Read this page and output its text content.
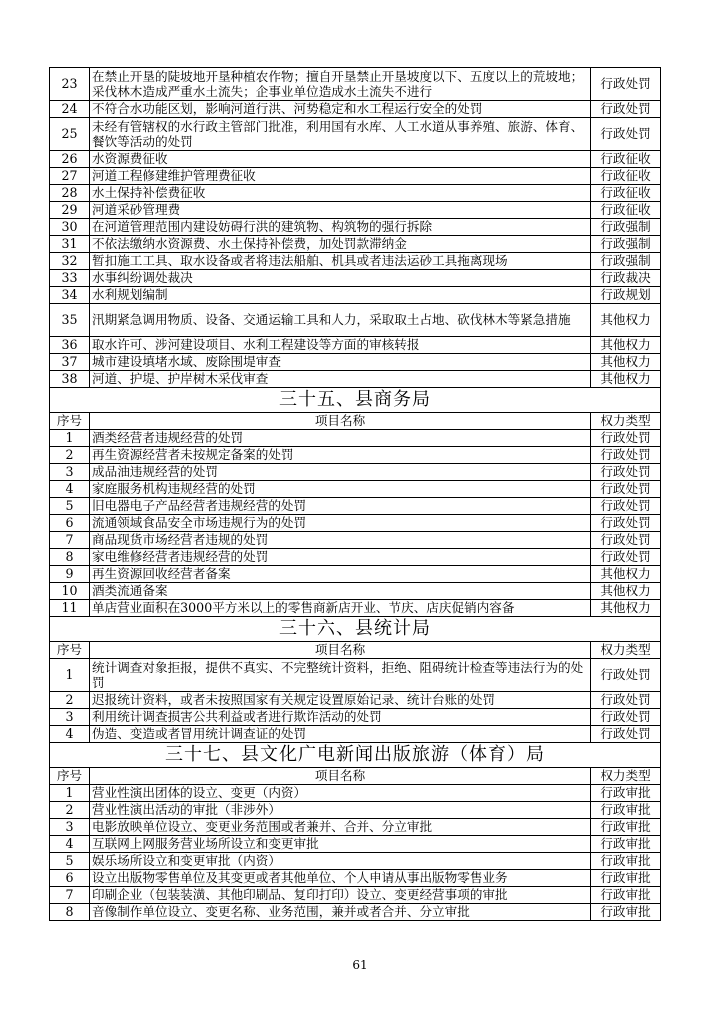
23	在禁止开垦的陡坡地开垦种植农作物；擅自开垦禁止开垦坡度以下、五度以上的荒坡地；采伐林木造成严重水土流失；企事业单位造成水土流失不进行	行政处罚
24	不符合水功能区划，影响河道行洪、河势稳定和水工程运行安全的处罚	行政处罚
25	未经有管辖权的水行政主管部门批准，利用国有水库、人工水道从事养殖、旅游、体育、餐饮等活动的处罚	行政处罚
26	水资源费征收	行政征收
27	河道工程修建维护管理费征收	行政征收
28	水土保持补偿费征收	行政征收
29	河道采砂管理费	行政征收
30	在河道管理范围内建设妨碍行洪的建筑物、构筑物的强行拆除	行政强制
31	不依法缴纳水资源费、水土保持补偿费，加处罚款滞纳金	行政强制
32	暂扣施工工具、取水设备或者将违法船舶、机具或者违法运砂工具拖离现场	行政强制
33	水事纠纷调处裁决	行政裁决
34	水利规划编制	行政规划
35	汛期紧急调用物质、设备、交通运输工具和人力，采取取土占地、砍伐林木等紧急措施	其他权力
36	取水许可、涉河建设项目、水利工程建设等方面的审核转报	其他权力
37	城市建设填堵水域、废除围堤审查	其他权力
38	河道、护堤、护岸树木采伐审查	其他权力
三十五、县商务局		
序号	项目名称	权力类型
1	酒类经营者违规经营的处罚	行政处罚
2	再生资源经营者未按规定备案的处罚	行政处罚
3	成品油违规经营的处罚	行政处罚
4	家庭服务机构违规经营的处罚	行政处罚
5	旧电器电子产品经营者违规经营的处罚	行政处罚
6	流通领域食品安全市场违规行为的处罚	行政处罚
7	商品现货市场经营者违规的处罚	行政处罚
8	家电维修经营者违规经营的处罚	行政处罚
9	再生资源回收经营者备案	其他权力
10	酒类流通备案	其他权力
11	单店营业面积在3000平方米以上的零售商新店开业、节庆、店庆促销内容备	其他权力
三十六、县统计局		
序号	项目名称	权力类型
1	统计调查对象拒报，提供不真实、不完整统计资料，拒绝、阻碍统计检查等违法行为的处罚	行政处罚
2	迟报统计资料，或者未按照国家有关规定设置原始记录、统计台账的处罚	行政处罚
3	利用统计调查损害公共利益或者进行欺诈活动的处罚	行政处罚
4	伪造、变造或者冒用统计调查证的处罚	行政处罚
三十七、县文化广电新闻出版旅游（体育）局		
序号	项目名称	权力类型
1	营业性演出团体的设立、变更（内资）	行政审批
2	营业性演出活动的审批（非涉外）	行政审批
3	电影放映单位设立、变更业务范围或者兼并、合并、分立审批	行政审批
4	互联网上网服务营业场所设立和变更审批	行政审批
5	娱乐场所设立和变更审批（内资）	行政审批
6	设立出版物零售单位及其变更或者其他单位、个人申请从事出版物零售业务	行政审批
7	印刷企业（包装装潢、其他印刷品、复印打印）设立、变更经营事项的审批	行政审批
8	音像制作单位设立、变更名称、业务范围，兼并或者合并、分立审批	行政审批
61
